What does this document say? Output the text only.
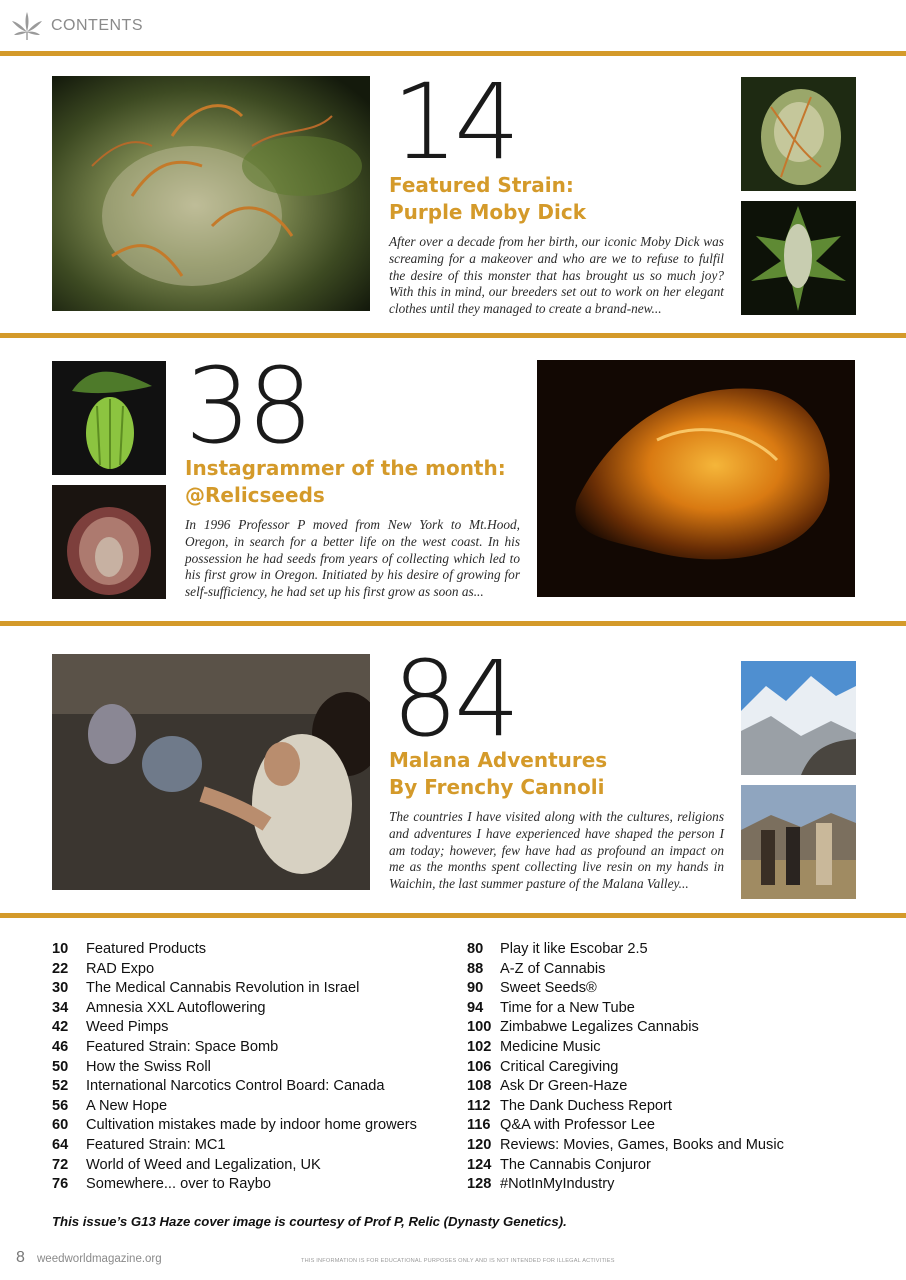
CONTENTS
14
Featured Strain:
Purple Moby Dick
After over a decade from her birth, our iconic Moby Dick was screaming for a makeover and who are we to refuse to fulfil the desire of this monster that has brought us so much joy? With this in mind, our breeders set out to work on her elegant clothes until they managed to create a brand-new...
38
Instagrammer of the month:
@Relicseeds
In 1996 Professor P moved from New York to Mt.Hood, Oregon, in search for a better life on the west coast. In his possession he had seeds from years of collecting which led to his first grow in Oregon. Initiated by his desire of growing for self-sufficiency, he had set up his first grow as soon as...
84
Malana Adventures
By Frenchy Cannoli
The countries I have visited along with the cultures, religions and adventures I have experienced have shaped the person I am today; however, few have had as profound an impact on me as the months spent collecting live resin on my hands in Waichin, the last summer pasture of the Malana Valley...
10 Featured Products
22 RAD Expo
30 The Medical Cannabis Revolution in Israel
34 Amnesia XXL Autoflowering
42 Weed Pimps
46 Featured Strain: Space Bomb
50 How the Swiss Roll
52 International Narcotics Control Board: Canada
56 A New Hope
60 Cultivation mistakes made by indoor home growers
64 Featured Strain: MC1
72 World of Weed and Legalization, UK
76 Somewhere... over to Raybo
80 Play it like Escobar 2.5
88 A-Z of Cannabis
90 Sweet Seeds®
94 Time for a New Tube
100 Zimbabwe Legalizes Cannabis
102 Medicine Music
106 Critical Caregiving
108 Ask Dr Green-Haze
112 The Dank Duchess Report
116 Q&A with Professor Lee
120 Reviews: Movies, Games, Books and Music
124 The Cannabis Conjuror
128 #NotInMyIndustry
This issue’s G13 Haze cover image is courtesy of Prof P, Relic (Dynasty Genetics).
8 weedworldmagazine.org	THIS INFORMATION IS FOR EDUCATIONAL PURPOSES ONLY AND IS NOT INTENDED FOR ILLEGAL ACTIVITIES
